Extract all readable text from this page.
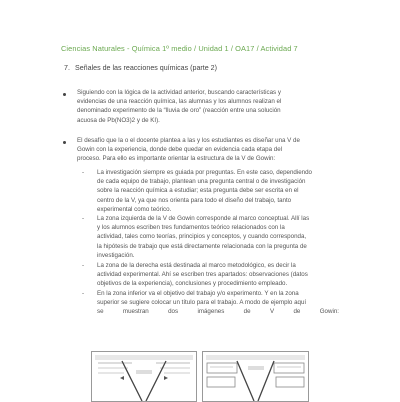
Ciencias Naturales - Química 1º medio / Unidad 1 / OA17 / Actividad 7
7. Señales de las reacciones químicas (parte 2)
Siguiendo con la lógica de la actividad anterior, buscando características y
evidencias de una reacción química, las alumnas y los alumnos realizan el
denominado experimento de la “lluvia de oro” (reacción entre una solución
acuosa de Pb(NO3)2 y de KI).
El desafío que la o el docente plantea a las y los estudiantes es diseñar una V de
Gowin con la experiencia, donde debe quedar en evidencia cada etapa del
proceso. Para ello es importante orientar la estructura de la V de Gowin:
- La investigación siempre es guiada por preguntas. En este caso, dependiendo
de cada equipo de trabajo, plantean una pregunta central o de investigación
sobre la reacción química a estudiar; esta pregunta debe ser escrita en el
centro de la V, ya que nos orienta para todo el diseño del trabajo, tanto
experimental como teórico.
- La zona izquierda de la V de Gowin corresponde al marco conceptual. Allí las
y los alumnos escriben tres fundamentos teórico relacionados con la
actividad, tales como teorías, principios y conceptos, y cuando corresponda,
la hipótesis de trabajo que está directamente relacionada con la pregunta de
investigación.
- La zona de la derecha está destinada al marco metodológico, es decir la
actividad experimental. Ahí se escriben tres apartados: observaciones (datos
objetivos de la experiencia), conclusiones y procedimiento empleado.
- En la zona inferior va el objetivo del trabajo y/o experimento. Y en la zona
superior se sugiere colocar un título para el trabajo. A modo de ejemplo aquí
se muestran dos imágenes de V de Gowin:
